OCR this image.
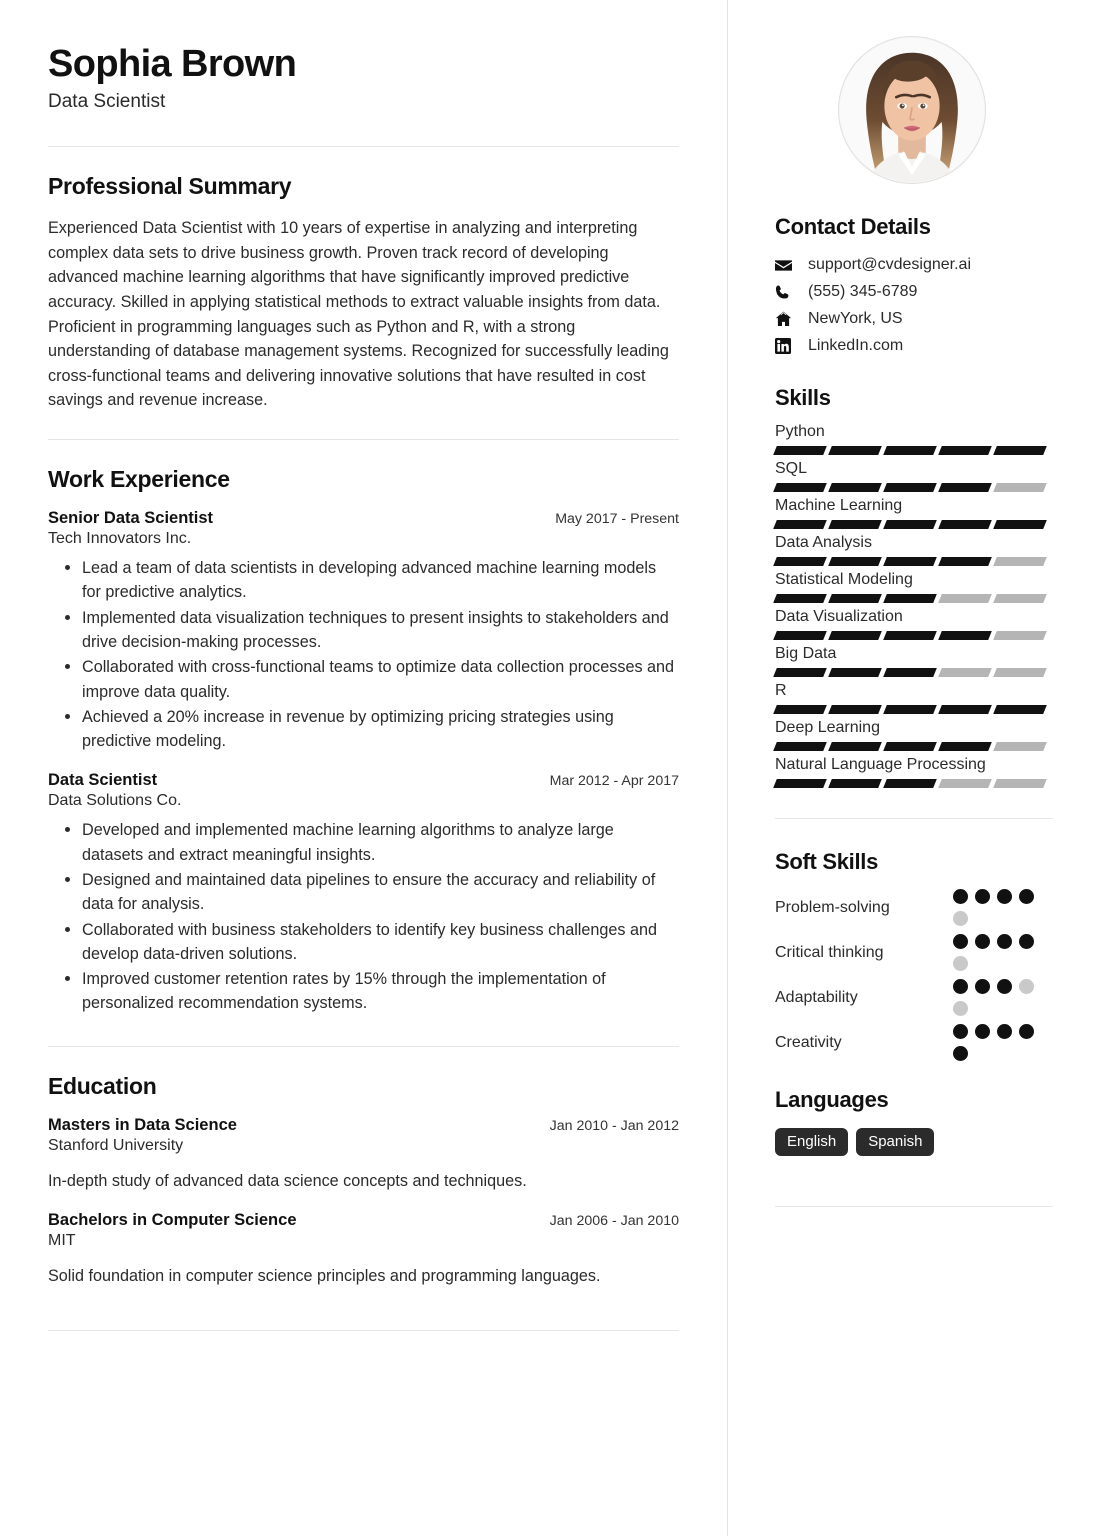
Sophia Brown
Data Scientist
Professional Summary

Experienced Data Scientist with 10 years of expertise in analyzing and interpreting complex data sets to drive business growth. Proven track record of developing advanced machine learning algorithms that have significantly improved predictive accuracy. Skilled in applying statistical methods to extract valuable insights from data. Proficient in programming languages such as Python and R, with a strong understanding of database management systems. Recognized for successfully leading cross-functional teams and delivering innovative solutions that have resulted in cost savings and revenue increase.

Work Experience
Senior Data Scientist	May 2017 - Present
Tech Innovators Inc.
Lead a team of data scientists in developing advanced machine learning models for predictive analytics.
Implemented data visualization techniques to present insights to stakeholders and drive decision-making processes.
Collaborated with cross-functional teams to optimize data collection processes and improve data quality.
Achieved a 20% increase in revenue by optimizing pricing strategies using predictive modeling.
Data Scientist	Mar 2012 - Apr 2017
Data Solutions Co.
Developed and implemented machine learning algorithms to analyze large datasets and extract meaningful insights.
Designed and maintained data pipelines to ensure the accuracy and reliability of data for analysis.
Collaborated with business stakeholders to identify key business challenges and develop data-driven solutions.
Improved customer retention rates by 15% through the implementation of personalized recommendation systems.
Education
Masters in Data Science	Jan 2010 - Jan 2012
Stanford University
In-depth study of advanced data science concepts and techniques.
Bachelors in Computer Science	Jan 2006 - Jan 2010
MIT
Solid foundation in computer science principles and programming languages.
Contact Details
support@cvdesigner.ai
(555) 345-6789
NewYork, US
LinkedIn.com
Skills
Python
SQL
Machine Learning
Data Analysis
Statistical Modeling
Data Visualization
Big Data
R
Deep Learning
Natural Language Processing
Soft Skills
Problem-solving
Critical thinking
Adaptability
Creativity
Languages
English	Spanish
